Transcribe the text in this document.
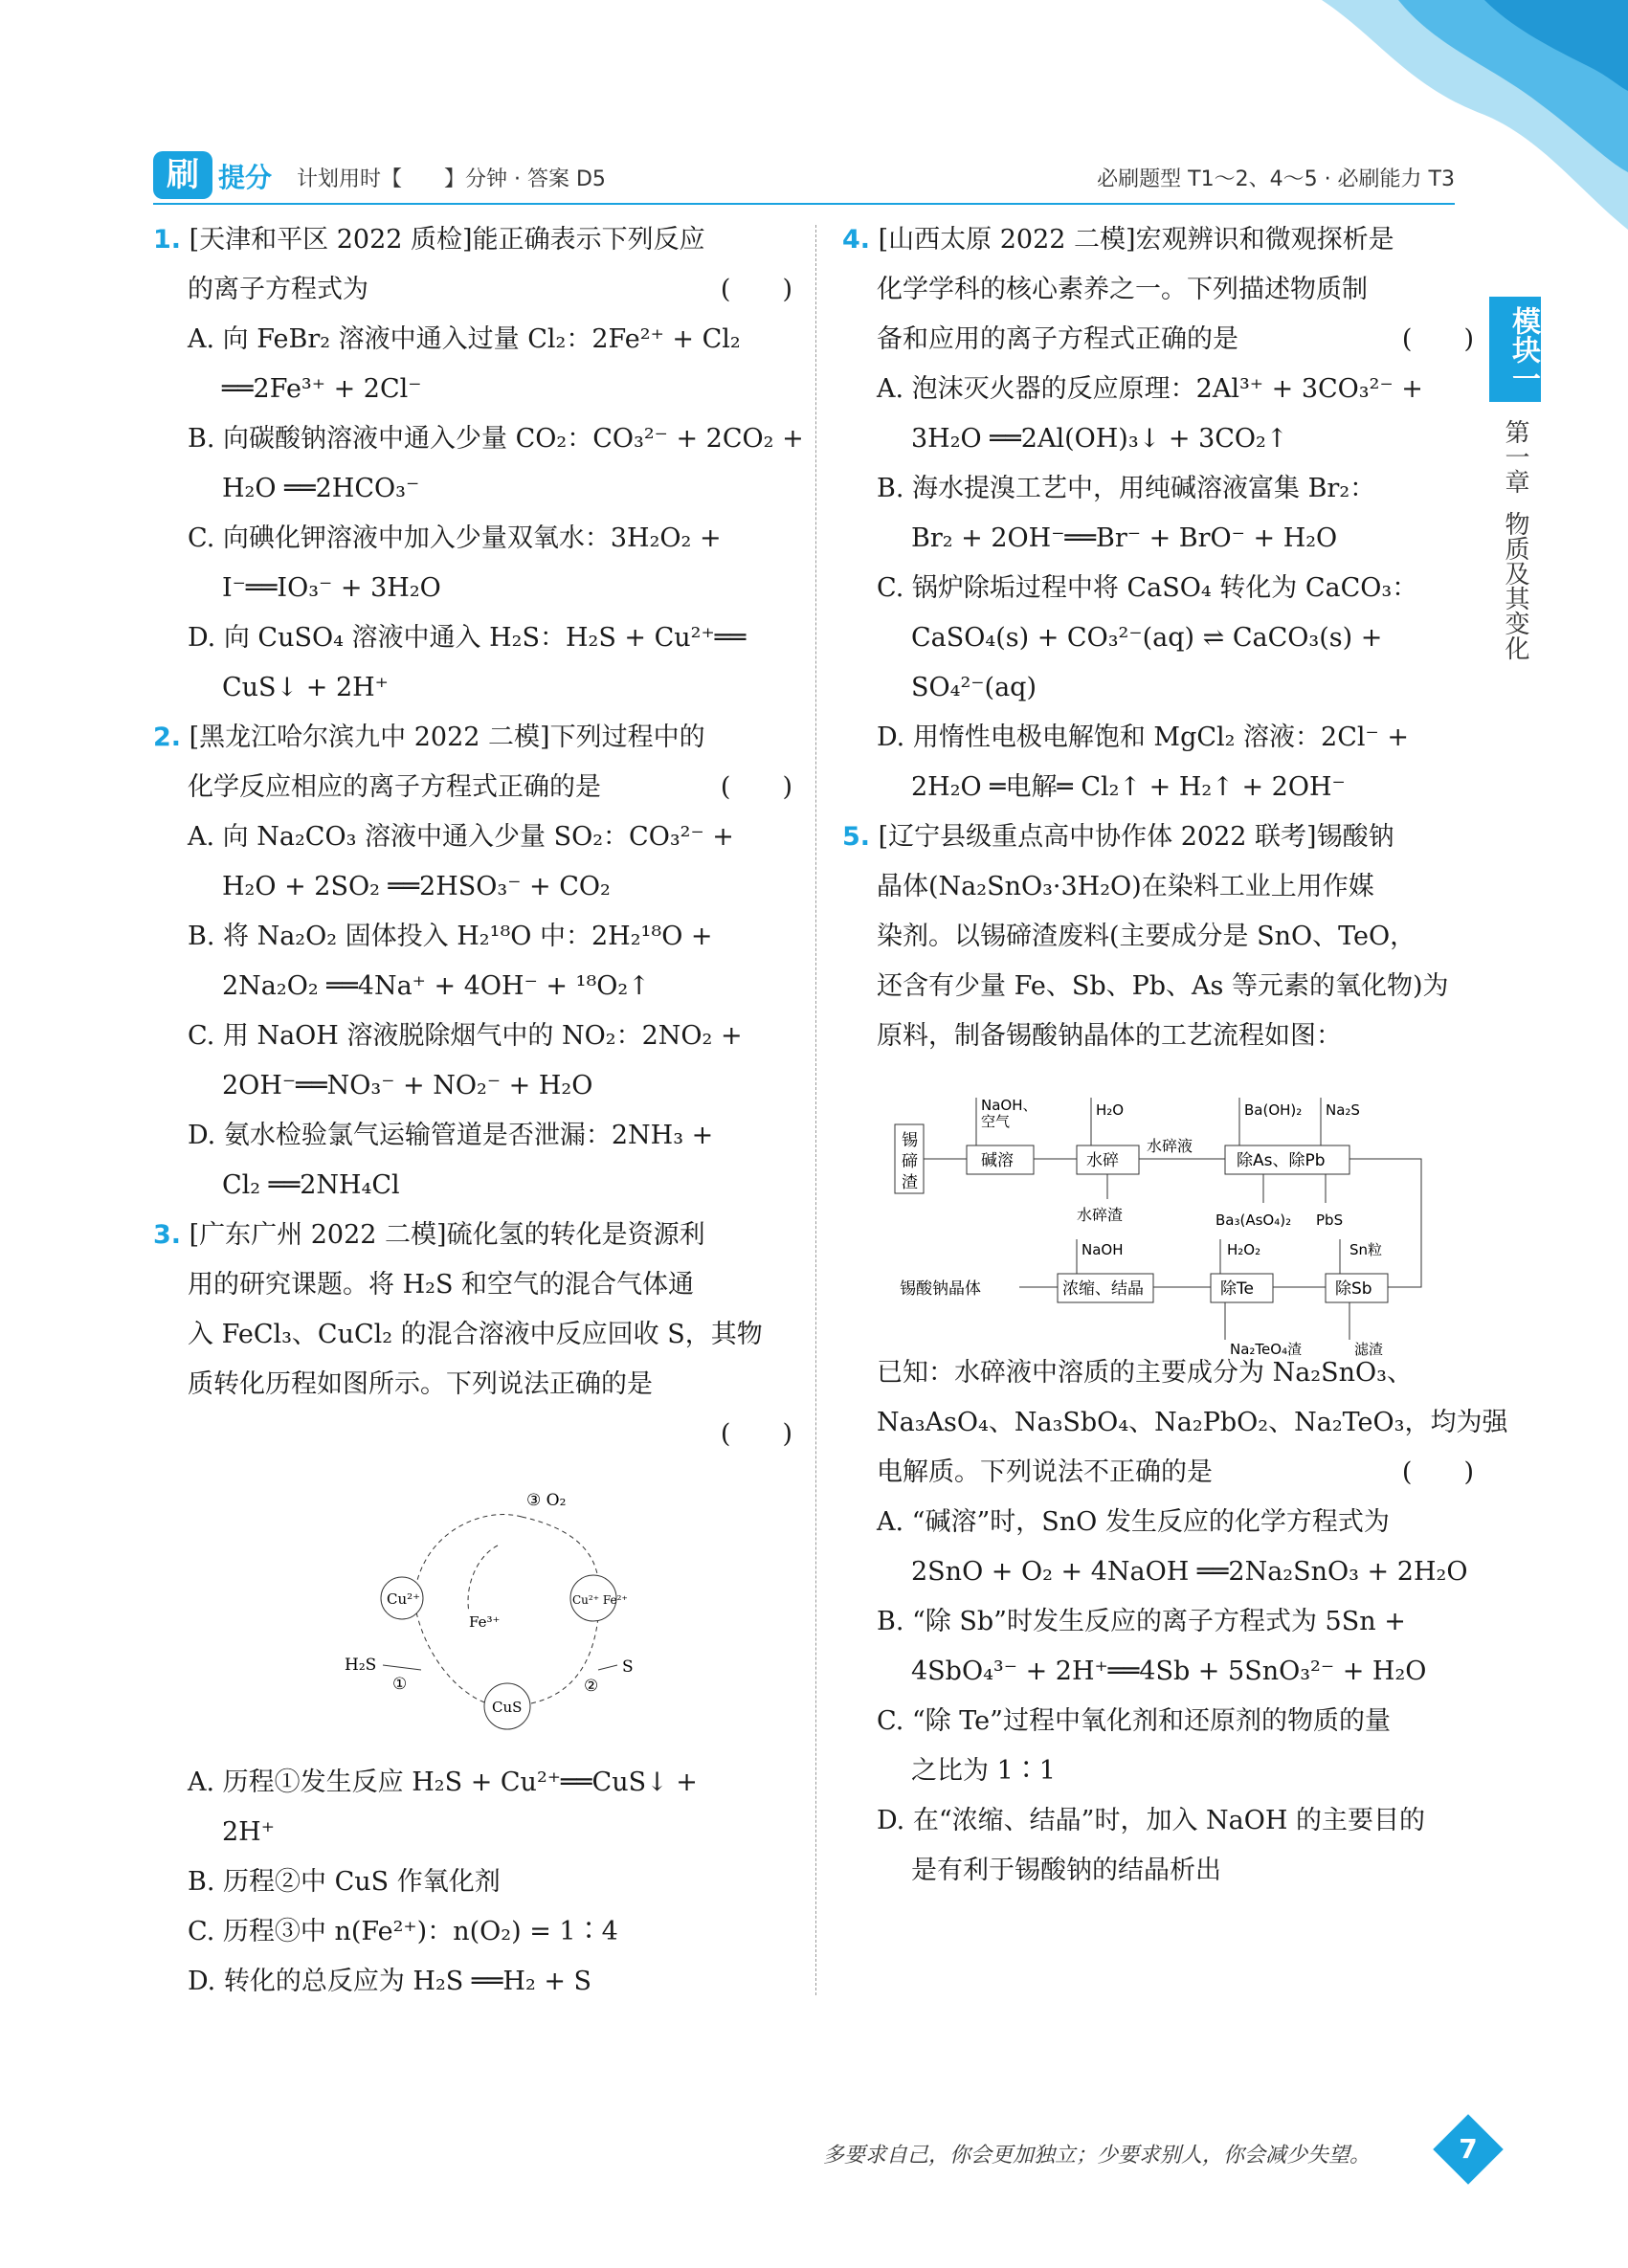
刷 提分 计划用时【　　】分钟 · 答案 D5	必刷题型 T1～2、4～5 · 必刷能力 T3
模块一
第一章
物质及其变化
1. [天津和平区 2022 质检]能正确表示下列反应
的离子方程式为	(　　)
A. 向 FeBr₂ 溶液中通入过量 Cl₂：2Fe²⁺ + Cl₂
══2Fe³⁺ + 2Cl⁻
B. 向碳酸钠溶液中通入少量 CO₂：CO₃²⁻ + 2CO₂ +
H₂O ══2HCO₃⁻
C. 向碘化钾溶液中加入少量双氧水：3H₂O₂ +
I⁻══IO₃⁻ + 3H₂O
D. 向 CuSO₄ 溶液中通入 H₂S：H₂S + Cu²⁺══
CuS↓ + 2H⁺
2. [黑龙江哈尔滨九中 2022 二模]下列过程中的
化学反应相应的离子方程式正确的是	(　　)
A. 向 Na₂CO₃ 溶液中通入少量 SO₂：CO₃²⁻ +
H₂O + 2SO₂ ══2HSO₃⁻ + CO₂
B. 将 Na₂O₂ 固体投入 H₂¹⁸O 中：2H₂¹⁸O +
2Na₂O₂ ══4Na⁺ + 4OH⁻ + ¹⁸O₂↑
C. 用 NaOH 溶液脱除烟气中的 NO₂：2NO₂ +
2OH⁻══NO₃⁻ + NO₂⁻ + H₂O
D. 氨水检验氯气运输管道是否泄漏：2NH₃ +
Cl₂ ══2NH₄Cl
3. [广东广州 2022 二模]硫化氢的转化是资源利
用的研究课题。将 H₂S 和空气的混合气体通
入 FeCl₃、CuCl₂ 的混合溶液中反应回收 S，其物
质转化历程如图所示。下列说法正确的是
(　　)
A. 历程①发生反应 H₂S + Cu²⁺══CuS↓ +
2H⁺
B. 历程②中 CuS 作氧化剂
C. 历程③中 n(Fe²⁺)：n(O₂) = 1∶4
D. 转化的总反应为 H₂S ══H₂ + S
③ O₂
Cu²⁺
Fe³⁺
Cu²⁺ Fe²⁺
CuS
H₂S
①	②
S
4. [山西太原 2022 二模]宏观辨识和微观探析是
化学学科的核心素养之一。下列描述物质制
备和应用的离子方程式正确的是	(　　)
A. 泡沫灭火器的反应原理：2Al³⁺ + 3CO₃²⁻ +
3H₂O ══2Al(OH)₃↓ + 3CO₂↑
B. 海水提溴工艺中，用纯碱溶液富集 Br₂：
Br₂ + 2OH⁻══Br⁻ + BrO⁻ + H₂O
C. 锅炉除垢过程中将 CaSO₄ 转化为 CaCO₃：
CaSO₄(s) + CO₃²⁻(aq) ⇌ CaCO₃(s) +
SO₄²⁻(aq)
D. 用惰性电极电解饱和 MgCl₂ 溶液：2Cl⁻ +
2H₂O ═电解═ Cl₂↑ + H₂↑ + 2OH⁻
5. [辽宁县级重点高中协作体 2022 联考]锡酸钠
晶体(Na₂SnO₃·3H₂O)在染料工业上用作媒
染剂。以锡碲渣废料(主要成分是 SnO、TeO，
还含有少量 Fe、Sb、Pb、As 等元素的氧化物)为
原料，制备锡酸钠晶体的工艺流程如图：
已知：水碎液中溶质的主要成分为 Na₂SnO₃、
Na₃AsO₄、Na₃SbO₄、Na₂PbO₂、Na₂TeO₃，均为强
电解质。下列说法不正确的是	(　　)
A. “碱溶”时，SnO 发生反应的化学方程式为
2SnO + O₂ + 4NaOH ══2Na₂SnO₃ + 2H₂O
B. “除 Sb”时发生反应的离子方程式为 5Sn +
4SbO₄³⁻ + 2H⁺══4Sb + 5SnO₃²⁻ + H₂O
C. “除 Te”过程中氧化剂和还原剂的物质的量
之比为 1∶1
D. 在“浓缩、结晶”时，加入 NaOH 的主要目的
是有利于锡酸钠的结晶析出
锡
碲
渣
碱溶
NaOH、
空气
水碎
H₂O
水碎液
水碎渣
除As、除Pb
Ba(OH)₂ Na₂S
Ba₃(AsO₄)₂ PbS
除Sb
Sn粒
滤渣
除Te
H₂O₂
Na₂TeO₄渣
浓缩、结晶
NaOH
锡酸钠晶体
多要求自己，你会更加独立；少要求别人，你会减少失望。	7
